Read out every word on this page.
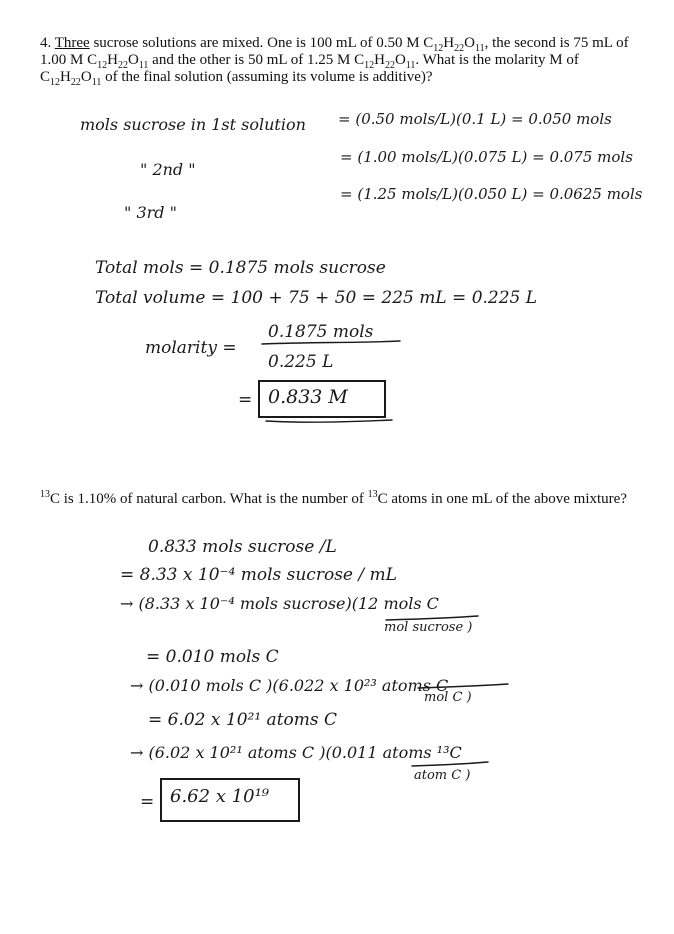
4. Three sucrose solutions are mixed. One is 100 mL of 0.50 M $C_{12}H_{22}O_{11}$, the second is 75 mL of 1.00 M $C_{12}H_{22}O_{11}$ and the other is 50 mL of 1.25 M $C_{12}H_{22}O_{11}$. What is the molarity M of $C_{12}H_{22}O_{11}$ of the final solution (assuming its volume is additive)?
mols sucrose in 1st solution = (0.50 mols/L)(0.1 L) = 0.050 mols
" 2nd "
= (1.00 mols/L)(0.075 L) = 0.075 mols
" 3rd "
= (1.25 mols/L)(0.050 L) = 0.0625 mols
Total mols = 0.1875 mols sucrose
Total volume = 100 + 75 + 50 = 225 mL = 0.225 L
molarity =
0.1875 mols
0.225 L
= 0.833 M
$^{13}$C is 1.10% of natural carbon. What is the number of $^{13}$C atoms in one mL of the above mixture?
0.833 mols sucrose /L
= 8.33 x 10⁻⁴ mols sucrose / mL
→ (8.33 x 10⁻⁴ mols sucrose)(12 mols C
mol sucrose )
= 0.010 mols C
→ (0.010 mols C )(6.022 x 10²³ atoms C
mol C )
= 6.02 x 10²¹ atoms C
→ (6.02 x 10²¹ atoms C )(0.011 atoms ¹³C
atom C )
= 6.62 x 10¹⁹
